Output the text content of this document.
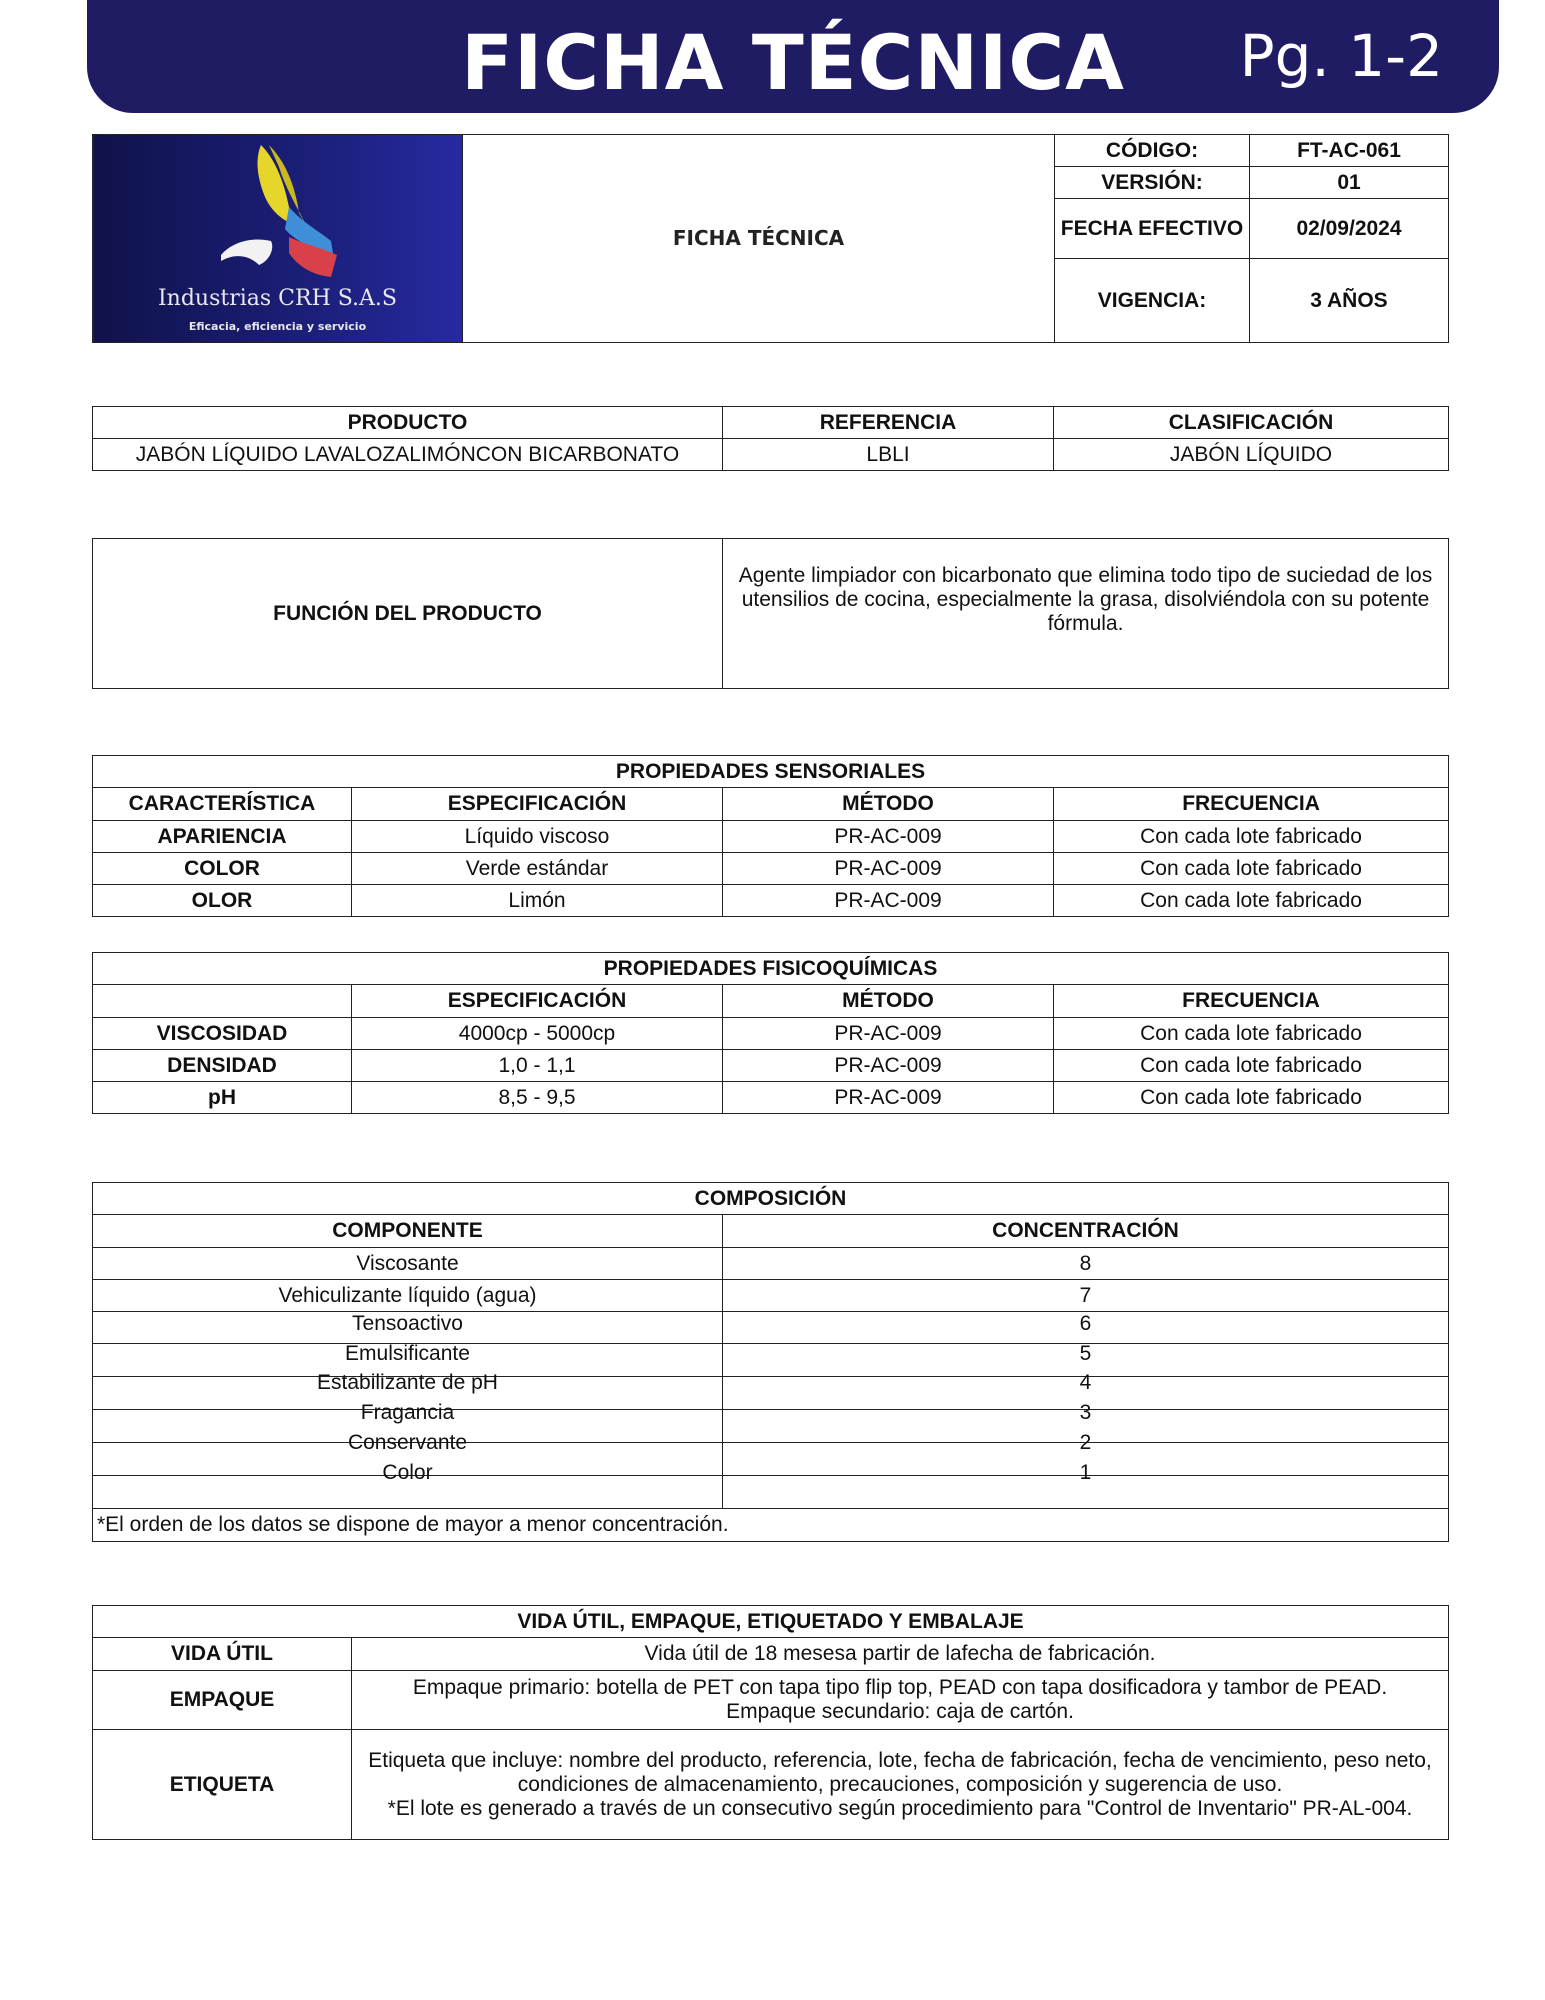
FICHA TÉCNICA	Pg. 1-2
Industrias CRH S.A.S
Eficacia, eficiencia y servicio	FICHA TÉCNICA	CÓDIGO:	FT-AC-061
		VERSIÓN:	01
		FECHA EFECTIVO	02/09/2024
		VIGENCIA:	3 AÑOS
PRODUCTO	REFERENCIA	CLASIFICACIÓN
JABÓN LÍQUIDO LAVALOZALIMÓNCON BICARBONATO	LBLI	JABÓN LÍQUIDO
FUNCIÓN DEL PRODUCTO	Agente limpiador con bicarbonato que elimina todo tipo de suciedad de los utensilios de cocina, especialmente la grasa, disolviéndola con su potente fórmula.
PROPIEDADES SENSORIALES			
CARACTERÍSTICA	ESPECIFICACIÓN	MÉTODO	FRECUENCIA
APARIENCIA	Líquido viscoso	PR-AC-009	Con cada lote fabricado
COLOR	Verde estándar	PR-AC-009	Con cada lote fabricado
OLOR	Limón	PR-AC-009	Con cada lote fabricado
PROPIEDADES FISICOQUÍMICAS			
	ESPECIFICACIÓN	MÉTODO	FRECUENCIA
VISCOSIDAD	4000cp - 5000cp	PR-AC-009	Con cada lote fabricado
DENSIDAD	1,0 - 1,1	PR-AC-009	Con cada lote fabricado
pH	8,5 - 9,5	PR-AC-009	Con cada lote fabricado
COMPOSICIÓN	
COMPONENTE	CONCENTRACIÓN
Viscosante	8
Vehiculizante líquido (agua)	7
Tensoactivo	6
Emulsificante	5
Estabilizante de pH	4
Fragancia	3
Conservante	2
Color	1
*El orden de los datos se dispone de mayor a menor concentración.	
VIDA ÚTIL, EMPAQUE, ETIQUETADO Y EMBALAJE	
VIDA ÚTIL	Vida útil de 18 mesesa partir de lafecha de fabricación.
EMPAQUE	Empaque primario: botella de PET con tapa tipo flip top, PEAD con tapa dosificadora y tambor de PEAD.
Empaque secundario: caja de cartón.

ETIQUETA	Etiqueta que incluye: nombre del producto, referencia, lote, fecha de fabricación, fecha de vencimiento, peso neto, condiciones de almacenamiento, precauciones, composición y sugerencia de uso.
*El lote es generado a través de un consecutivo según procedimiento para "Control de Inventario" PR-AL-004.
